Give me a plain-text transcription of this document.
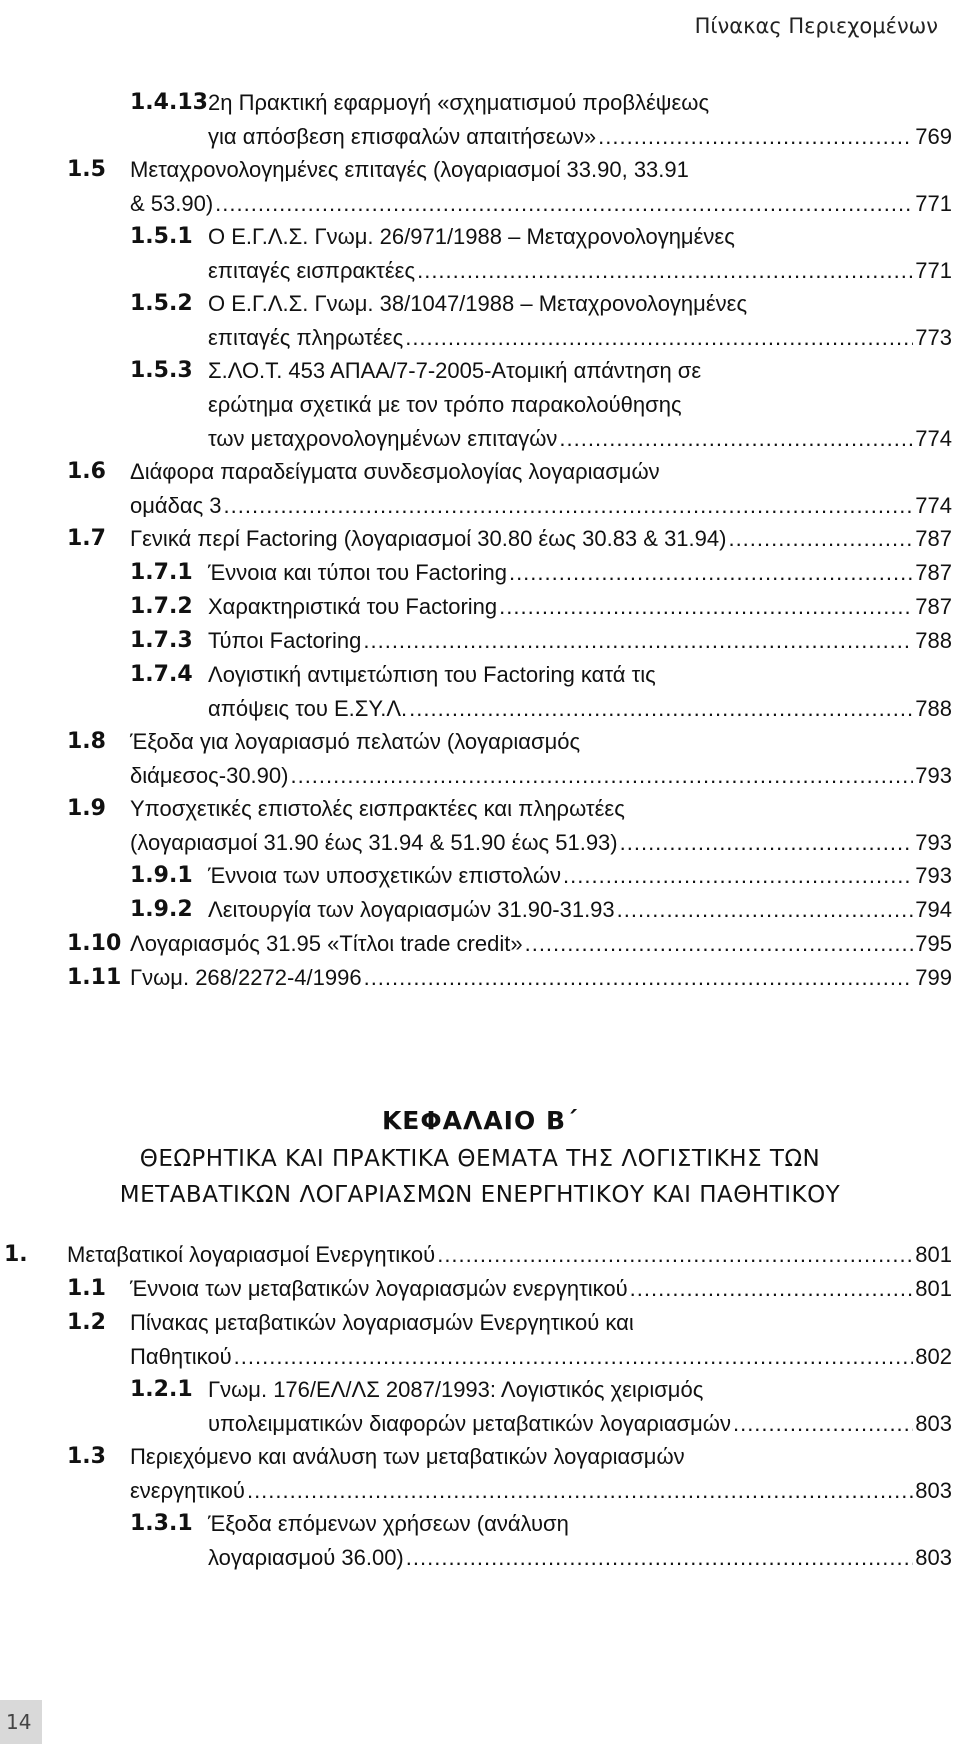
Πίνακας Περιεχομένων
1.4.13 2η Πρακτική εφαρμογή «σχηματισμού προβλέψεως
για απόσβεση επισφαλών απαιτήσεων» .....	769
1.5 Μεταχρονολογημένες επιταγές (λογαριασμοί 33.90, 33.91
& 53.90) .....	771
1.5.1 Ο Ε.Γ.Λ.Σ. Γνωμ. 26/971/1988 – Μεταχρονολογημένες
επιταγές εισπρακτέες .....	771
1.5.2 Ο Ε.Γ.Λ.Σ. Γνωμ. 38/1047/1988 – Μεταχρονολογημένες
επιταγές πληρωτέες .....	773
1.5.3 Σ.ΛΟ.Τ. 453 ΑΠΑΑ/7-7-2005-Ατομική απάντηση σε
ερώτημα σχετικά με τον τρόπο παρακολούθησης
των μεταχρονολογημένων επιταγών .....	774
1.6 Διάφορα παραδείγματα συνδεσμολογίας λογαριασμών
ομάδας 3 .....	774
1.7 Γενικά περί Factoring (λογαριασμοί 30.80 έως 30.83 & 31.94) .....	787
1.7.1 Έννοια και τύποι του Factoring .....	787
1.7.2 Χαρακτηριστικά του Factoring .....	787
1.7.3 Τύποι Factoring .....	788
1.7.4 Λογιστική αντιμετώπιση του Factoring κατά τις
απόψεις του Ε.ΣΥ.Λ. .....	788
1.8 Έξοδα για λογαριασμό πελατών (λογαριασμός
διάμεσος-30.90) .....	793
1.9 Υποσχετικές επιστολές εισπρακτέες και πληρωτέες
(λογαριασμοί 31.90 έως 31.94 & 51.90 έως 51.93) .....	793
1.9.1 Έννοια των υποσχετικών επιστολών .....	793
1.9.2 Λειτουργία των λογαριασμών 31.90-31.93 .....	794
1.10 Λογαριασμός 31.95 «Τίτλοι trade credit» .....	795
1.11 Γνωμ. 268/2272-4/1996 .....	799
ΚΕΦΑΛΑΙΟ Β΄
ΘΕΩΡΗΤΙΚΑ ΚΑΙ ΠΡΑΚΤΙΚΑ ΘΕΜΑΤΑ ΤΗΣ ΛΟΓΙΣΤΙΚΗΣ ΤΩΝ
ΜΕΤΑΒΑΤΙΚΩΝ ΛΟΓΑΡΙΑΣΜΩΝ ΕΝΕΡΓΗΤΙΚΟΥ ΚΑΙ ΠΑΘΗΤΙΚΟΥ
1. Μεταβατικοί λογαριασμοί Ενεργητικού .....	801
1.1 Έννοια των μεταβατικών λογαριασμών ενεργητικού .....	801
1.2 Πίνακας μεταβατικών λογαριασμών Ενεργητικού και
Παθητικού .....	802
1.2.1 Γνωμ. 176/ΕΛ/ΛΣ 2087/1993: Λογιστικός χειρισμός
υπολειμματικών διαφορών μεταβατικών λογαριασμών .....	803
1.3 Περιεχόμενο και ανάλυση των μεταβατικών λογαριασμών
ενεργητικού .....	803
1.3.1 Έξοδα επόμενων χρήσεων (ανάλυση
λογαριασμού 36.00) .....	803
14
